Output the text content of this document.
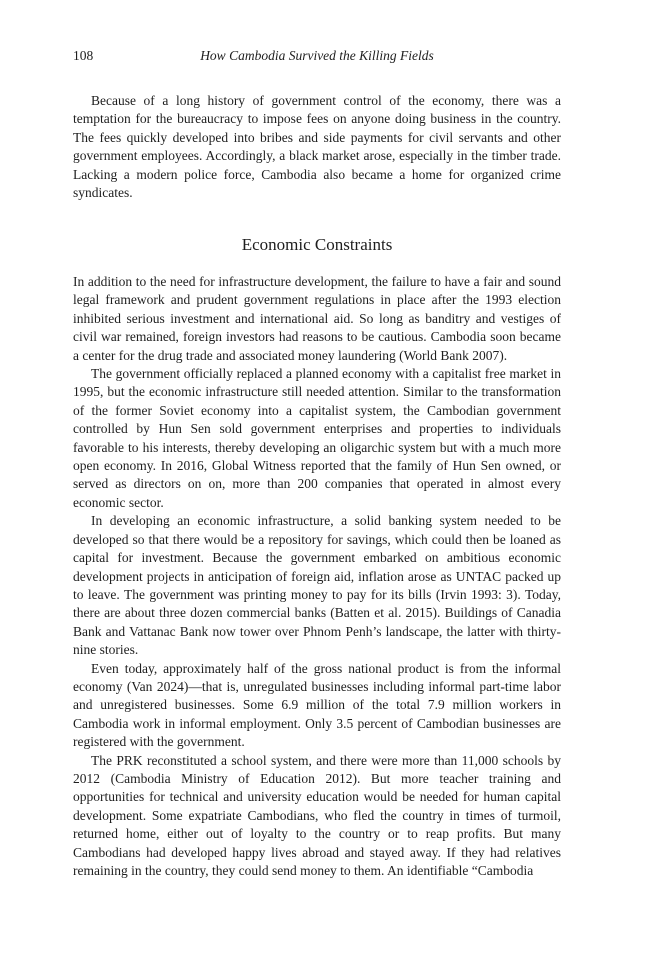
108	How Cambodia Survived the Killing Fields

Because of a long history of government control of the economy, there was a temptation for the bureaucracy to impose fees on anyone doing business in the country. The fees quickly developed into bribes and side payments for civil servants and other government employees. Accordingly, a black market arose, especially in the timber trade. Lacking a modern police force, Cambodia also became a home for organized crime syndicates.

Economic Constraints

In addition to the need for infrastructure development, the failure to have a fair and sound legal framework and prudent government regulations in place after the 1993 election inhibited serious investment and international aid. So long as banditry and vestiges of civil war remained, foreign investors had reasons to be cautious. Cambodia soon became a center for the drug trade and associated money laundering (World Bank 2007).

The government officially replaced a planned economy with a capitalist free market in 1995, but the economic infrastructure still needed attention. Similar to the transformation of the former Soviet economy into a capitalist system, the Cambodian government controlled by Hun Sen sold government enterprises and properties to individuals favorable to his interests, thereby developing an oligarchic system but with a much more open economy. In 2016, Global Witness reported that the family of Hun Sen owned, or served as directors on on, more than 200 companies that operated in almost every economic sector.

In developing an economic infrastructure, a solid banking system needed to be developed so that there would be a repository for savings, which could then be loaned as capital for investment. Because the government embarked on ambitious economic development projects in anticipation of foreign aid, inflation arose as UNTAC packed up to leave. The government was printing money to pay for its bills (Irvin 1993: 3). Today, there are about three dozen commercial banks (Batten et al. 2015). Buildings of Canadia Bank and Vattanac Bank now tower over Phnom Penh’s landscape, the latter with thirty-nine stories.

Even today, approximately half of the gross national product is from the informal economy (Van 2024)—that is, unregulated businesses including informal part-time labor and unregistered businesses. Some 6.9 million of the total 7.9 million workers in Cambodia work in informal employment. Only 3.5 percent of Cambodian businesses are registered with the government.

The PRK reconstituted a school system, and there were more than 11,000 schools by 2012 (Cambodia Ministry of Education 2012). But more teacher training and opportunities for technical and university education would be needed for human capital development. Some expatriate Cambodians, who fled the country in times of turmoil, returned home, either out of loyalty to the country or to reap profits. But many Cambodians had developed happy lives abroad and stayed away. If they had relatives remaining in the country, they could send money to them. An identifiable “Cambodia
